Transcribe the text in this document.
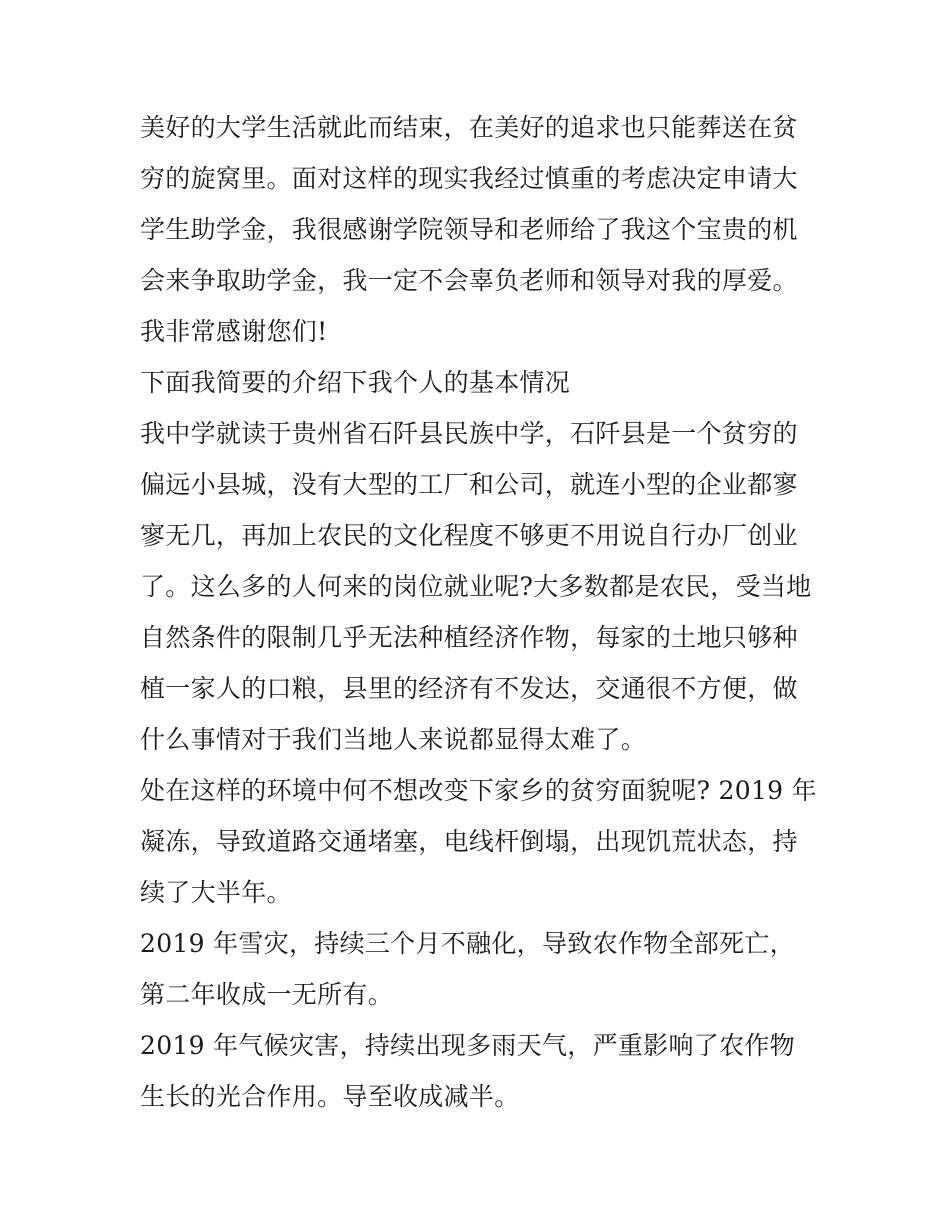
美好的大学生活就此而结束，在美好的追求也只能葬送在贫穷的旋窝里。面对这样的现实我经过慎重的考虑决定申请大学生助学金，我很感谢学院领导和老师给了我这个宝贵的机会来争取助学金，我一定不会辜负老师和领导对我的厚爱。我非常感谢您们!

下面我简要的介绍下我个人的基本情况

我中学就读于贵州省石阡县民族中学，石阡县是一个贫穷的偏远小县城，没有大型的工厂和公司，就连小型的企业都寥寥无几，再加上农民的文化程度不够更不用说自行办厂创业了。这么多的人何来的岗位就业呢?大多数都是农民，受当地自然条件的限制几乎无法种植经济作物，每家的土地只够种植一家人的口粮，县里的经济有不发达，交通很不方便，做什么事情对于我们当地人来说都显得太难了。

处在这样的环境中何不想改变下家乡的贫穷面貌呢? 2019 年凝冻，导致道路交通堵塞，电线杆倒塌，出现饥荒状态，持续了大半年。

2019 年雪灾，持续三个月不融化，导致农作物全部死亡，第二年收成一无所有。

2019 年气候灾害，持续出现多雨天气，严重影响了农作物生长的光合作用。导至收成减半。
